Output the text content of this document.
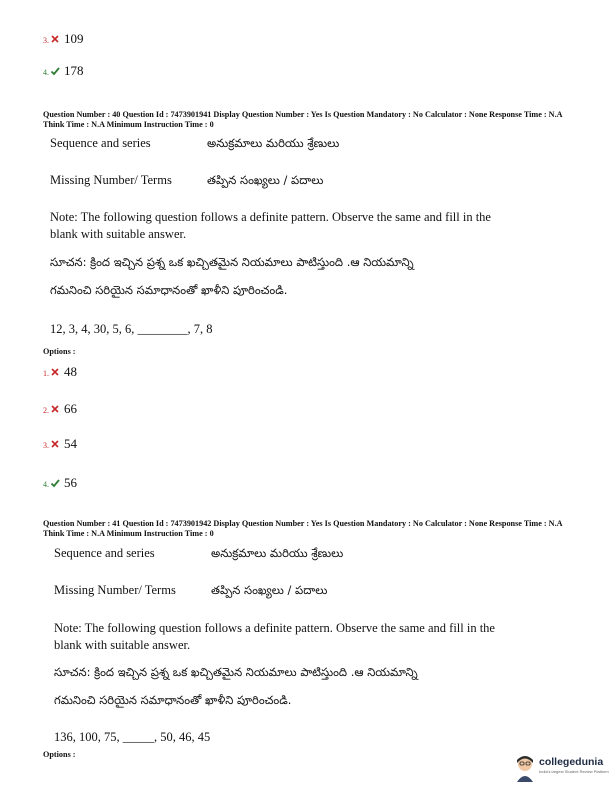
3. 109
4. 178
Question Number : 40 Question Id : 7473901941 Display Question Number : Yes Is Question Mandatory : No Calculator : None Response Time : N.A Think Time : N.A Minimum Instruction Time : 0
Sequence and series	అనుక్రమాలు మరియు శ్రేణులు
Missing Number/ Terms	తప్పిన సంఖ్యలు / పదాలు
Note: The following question follows a definite pattern. Observe the same and fill in the blank with suitable answer.
సూచన: క్రింద ఇచ్చిన ప్రశ్న ఒక ఖచ్చితమైన నియమాలు పాటిస్తుంది .ఆ నియమాన్ని
గమనించి సరియైన సమాధానంతో ఖాళీని పూరించండి.
12, 3, 4, 30, 5, 6, ________, 7, 8
Options :
1. 48
2. 66
3. 54
4. 56
Question Number : 41 Question Id : 7473901942 Display Question Number : Yes Is Question Mandatory : No Calculator : None Response Time : N.A Think Time : N.A Minimum Instruction Time : 0
Sequence and series	అనుక్రమాలు మరియు శ్రేణులు
Missing Number/ Terms	తప్పిన సంఖ్యలు / పదాలు
Note: The following question follows a definite pattern. Observe the same and fill in the blank with suitable answer.
సూచన: క్రింద ఇచ్చిన ప్రశ్న ఒక ఖచ్చితమైన నియమాలు పాటిస్తుంది .ఆ నియమాన్ని
గమనించి సరియైన సమాధానంతో ఖాళీని పూరించండి.
136, 100, 75, _____, 50, 46, 45
Options :
collegedunia
India's largest Student Review Platform
